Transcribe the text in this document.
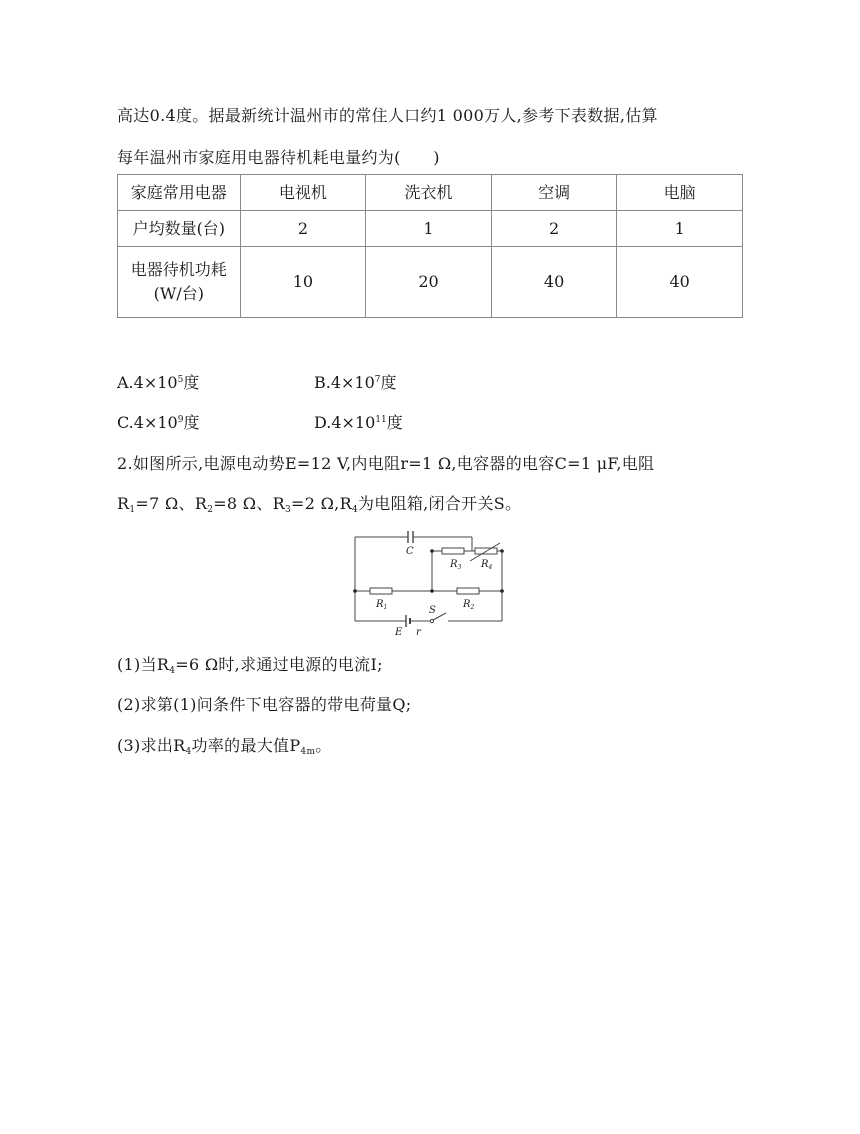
高达0.4度。据最新统计温州市的常住人口约1 000万人,参考下表数据,估算
每年温州市家庭用电器待机耗电量约为(　　)
家庭常用电器	电视机	洗衣机	空调	电脑
户均数量(台)	2	1	2	1

电器待机功耗
(W/台)	10	20	40	40
$A.4\times 10^5$度	$B.4\times 10^7$度
$C.4\times 10^9$度	$D.4\times 10^{11}$度
2.如图所示,电源电动势E=12 V,内电阻r=1 Ω,电容器的电容C=1 μF,电阻
$R_1=7$ Ω、$R_2=8$ Ω、$R_3=2$ $\Omega,R_4$为电阻箱,闭合开关S。
C
$R_3$ $R_4$
$R_1$	$R_2$
S
E r
(1)当$R_4=6$ Ω时,求通过电源的电流I;
(2)求第(1)问条件下电容器的带电荷量Q;
(3)求出$R_4$功率的最大值$P_{4m}$。
